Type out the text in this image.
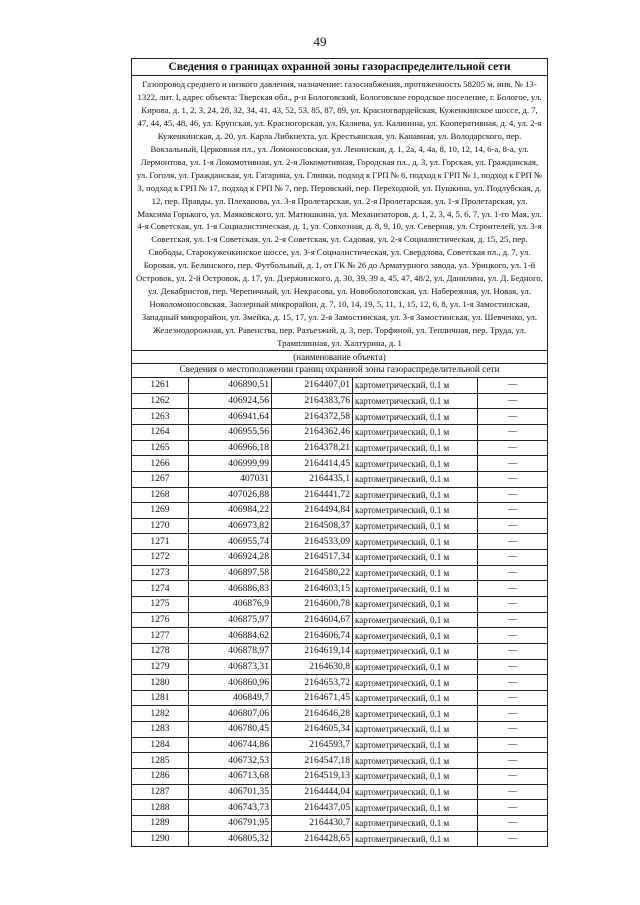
49
Сведения о границах охранной зоны газораспределительной сети
Газопровод среднего и низкого давления, назначение: газоснабжения, протяженность 58205 м, инв. № 13-1322, лит. I, адрес объекта: Тверская обл., р-н Бологовский, Бологовское городское поселение, г. Бологое, ул. Кирова, д. 1, 2, 3, 24, 28, 32, 34, 41, 43, 52, 53, 85, 87, 89, ул. Красногвардейская, Куженкинское шоссе, д. 7, 47, 44, 45, 48, 46, ул. Крупская, ул. Красногорская, ул. Каляева, ул. Калинина, ул. Кооперативная, д. 4, ул. 2-я Куженкинская, д. 20, ул. Карла Либкнехта, ул. Крестьянская, ул. Канавная, ул. Володарского, пер. Вокзальный, Церковная пл., ул. Ломоносовская, ул. Ленинская, д. 1, 2а, 4, 4а, 8, 10, 12, 14, 6-а, 8-а, ул. Лермонтова, ул. 1-я Локомотивная, ул. 2-я Локомотивная, Городская пл., д. 3, ул. Горская, ул. Гражданская, ул. Гоголя, ул. Гражданская, ул. Гагарина, ул. Глинки, подход к ГРП № 6, подход к ГРП № 1, подход к ГРП № 3, подход к ГРП № 17, подход к ГРП № 7, пер. Перовский, пер. Переходной, ул. Пушкина, ул. Подлубская, д. 12, пер. Правды, ул. Плеханова, ул. 3-я Пролетарская, ул. 2-я Пролетарская, ул. 1-я Пролетарская, ул. Максима Горького, ул. Маяковского, ул. Матюшкина, ул. Механизаторов, д. 1, 2, 3, 4, 5, 6, 7, ул. 1-го Мая, ул. 4-я Советская, ул. 1-я Социалистическая, д. 1, ул. Совхозная, д. 8, 9, 10, ул. Северная, ул. Строителей, ул. 3-я Советская, ул. 1-я Советская, ул. 2-я Советская, ул. Садовая, ул. 2-я Социалистическая, д. 15, 25, пер. Свободы, Старокуженкинское шоссе, ул. 3-я Социалистическая, ул. Свердлова, Советская пл., д. 7, ул. Боровая, ул. Белинского, пер. Футбольный, д. 1, от ГК № 26 до Арматурного завода, ул. Урицкого, ул. 1-й Островок, ул. 2-й Островок, д. 17, ул. Дзержинского, д. 30, 39, 39 а, 45, 47, 48/2, ул. Данилина, ул. Д. Бедного, ул. Декабристов, пер. Черепичный, ул. Некрасова, ул. Новобологовская, ул. Набережная, ул. Новая, ул. Новоломоносовская, Заозерный микрорайон, д. 7, 10, 14, 19, 5, 11, 1, 15, 12, 6, 8, ул. 1-я Замостинская, Западный микрорайон, ул. Змейка, д. 15, 17, ул. 2-я Замостинская, ул. 3-я Замостинская, ул. Шевченко, ул. Железнодорожная, ул. Равенства, пер. Разъезжий, д. 3, пер. Торфяной, ул. Тепличная, пер. Труда, ул. Трамплинная, ул. Халтурина, д. 1
(наименование объекта)
Сведения о местоположении границ охранной зоны газораспределительной сети
1261	406890,51	2164407,01	картометрический, 0.1 м	—
1262	406924,56	2164383,76	картометрический, 0.1 м	—
1263	406941,64	2164372,58	картометрический, 0.1 м	—
1264	406955,56	2164362,46	картометрический, 0.1 м	—
1265	406966,18	2164378,21	картометрический, 0.1 м	—
1266	406999,99	2164414,45	картометрический, 0.1 м	—
1267	407031	2164435,1	картометрический, 0.1 м	—
1268	407026,88	2164441,72	картометрический, 0.1 м	—
1269	406984,22	2164494,84	картометрический, 0.1 м	—
1270	406973,82	2164508,37	картометрический, 0.1 м	—
1271	406955,74	2164533,09	картометрический, 0.1 м	—
1272	406924,28	2164517,34	картометрический, 0.1 м	—
1273	406897,58	2164580,22	картометрический, 0.1 м	—
1274	406886,83	2164603,15	картометрический, 0.1 м	—
1275	406876,9	2164600,78	картометрический, 0.1 м	—
1276	406875,97	2164604,67	картометрический, 0.1 м	—
1277	406884,62	2164606,74	картометрический, 0.1 м	—
1278	406878,97	2164619,14	картометрический, 0.1 м	—
1279	406873,31	2164630,8	картометрический, 0.1 м	—
1280	406860,96	2164653,72	картометрический, 0.1 м	—
1281	406849,7	2164671,45	картометрический, 0.1 м	—
1282	406807,06	2164646,28	картометрический, 0.1 м	—
1283	406780,45	2164605,34	картометрический, 0.1 м	—
1284	406744,86	2164593,7	картометрический, 0.1 м	—
1285	406732,53	2164547,18	картометрический, 0.1 м	—
1286	406713,68	2164519,13	картометрический, 0.1 м	—
1287	406701,35	2164444,04	картометрический, 0.1 м	—
1288	406743,73	2164437,05	картометрический, 0.1 м	—
1289	406791,95	2164430,7	картометрический, 0.1 м	—
1290	406805,32	2164428,65	картометрический, 0.1 м	—
